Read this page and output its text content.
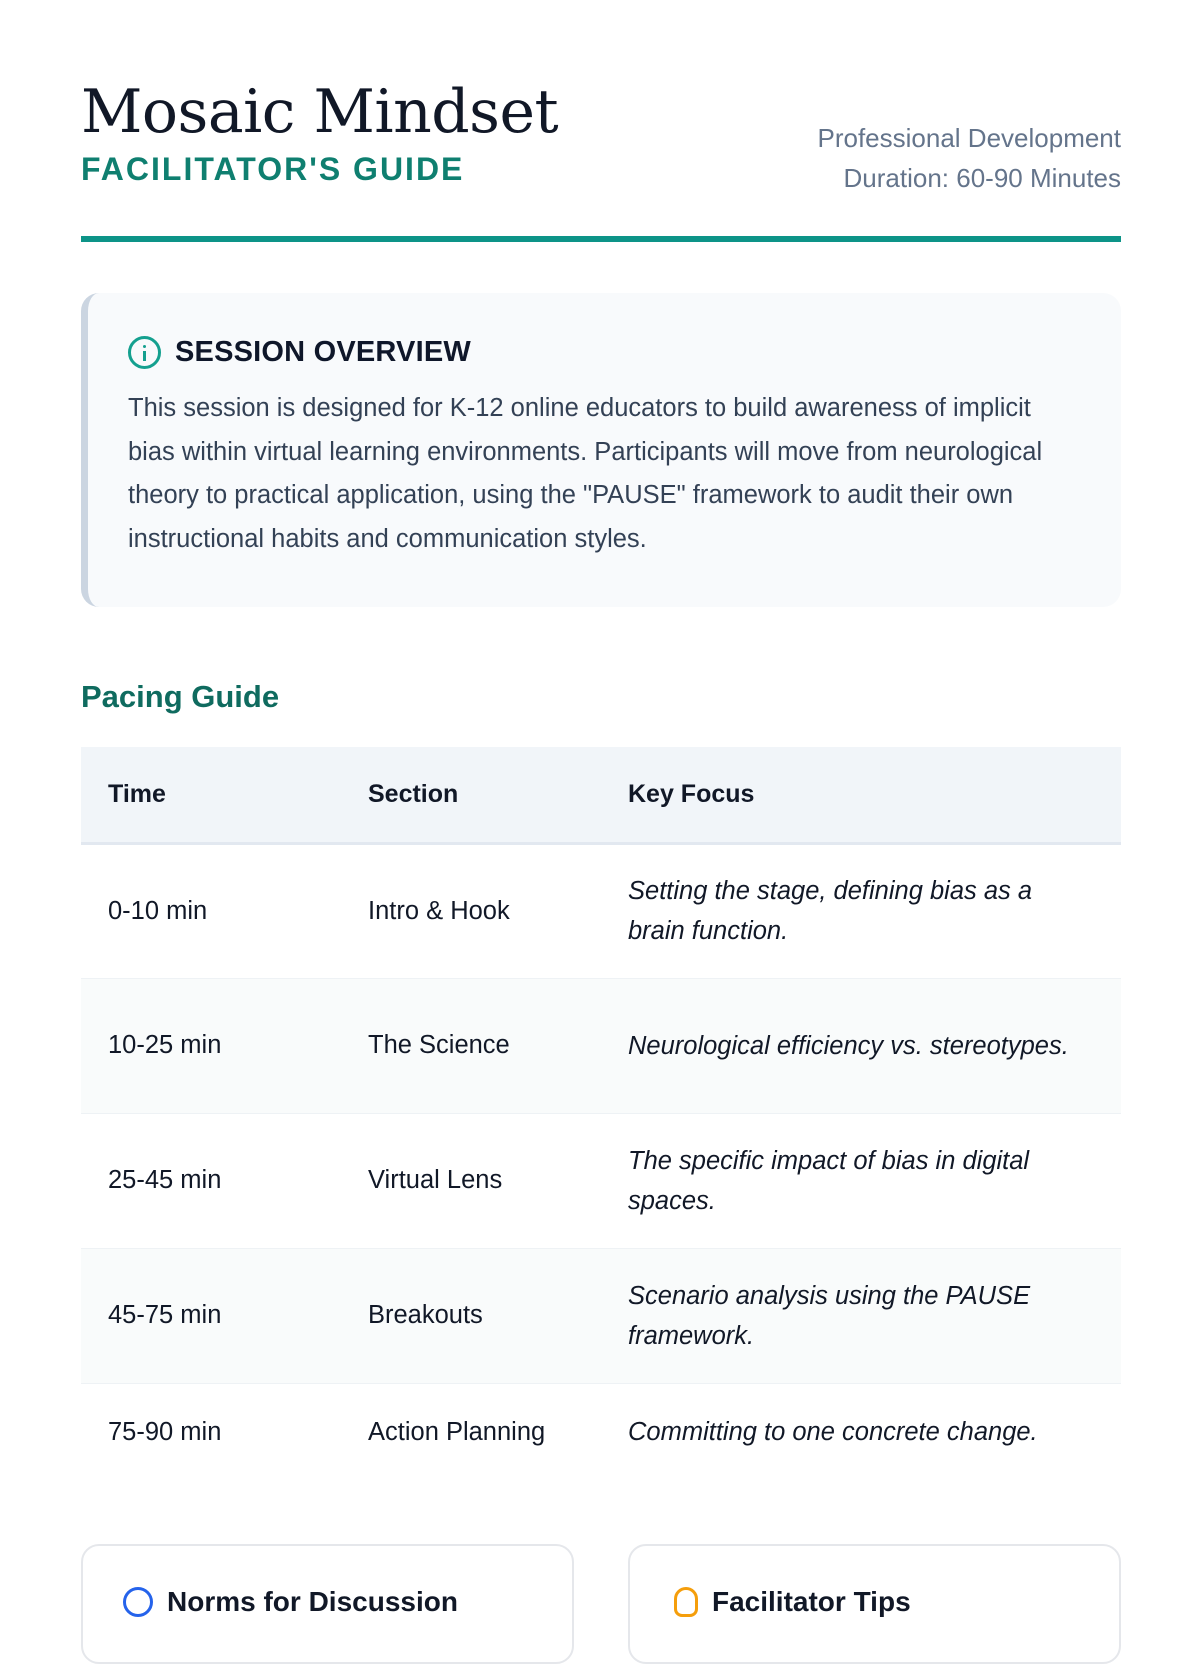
Mosaic Mindset
FACILITATOR'S GUIDE
Professional Development
Duration: 60-90 Minutes
SESSION OVERVIEW

This session is designed for K-12 online educators to build awareness of implicit bias within virtual learning environments. Participants will move from neurological theory to practical application, using the "PAUSE" framework to audit their own instructional habits and communication styles.

Pacing Guide
Time	Section	Key Focus
0-10 min	Intro & Hook	Setting the stage, defining bias as a brain function.
10-25 min	The Science	Neurological efficiency vs. stereotypes.
25-45 min	Virtual Lens	The specific impact of bias in digital spaces.
45-75 min	Breakouts	Scenario analysis using the PAUSE framework.
75-90 min	Action Planning	Committing to one concrete change.
Norms for Discussion	Facilitator Tips
